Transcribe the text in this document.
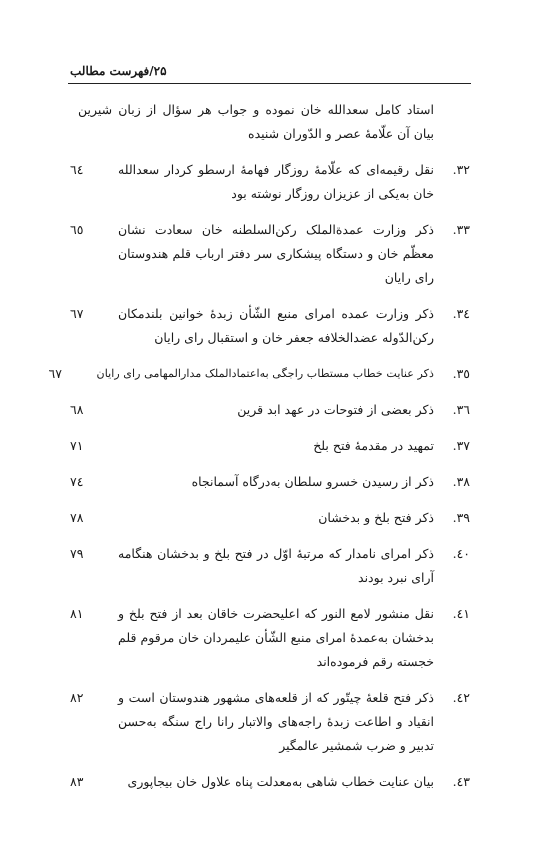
۲۵/فهرست مطالب
استاد کامل سعدالله خان نموده و جواب هر سؤال از زبان شیرین بیان آن علّامهٔ عصر و الدّوران شنیده
۳۲.
نقل رقیمه‌ای که علّامهٔ روزگار فهامهٔ ارسطو کردار سعدالله خان به‌یکی از عزیزان روزگار نوشته بود
٦٤
۳۳.
ذکر وزارت عمدةالملک رکن‌السلطنه خان سعادت نشان معظّم خان و دستگاه پیشکاری سر دفتر ارباب قلم هندوستان رای رایان
٦٥
۳٤.
ذکر وزارت عمده امرای منبع الشّأن زبدهٔ خوانین بلندمکان رکن‌الدّوله عضدالخلافه جعفر خان و استقبال رای رایان
٦٧
۳٥.
ذکر عنایت خطاب مستطاب راجگی به‌اعتمادالملک مدارالمهامی رای رایان
٦٧
۳٦.
ذکر بعضی از فتوحات در عهد ابد قرین
٦٨
۳۷.
تمهید در مقدمهٔ فتح بلخ
۷۱
۳۸.
ذکر از رسیدن خسرو سلطان به‌درگاه آسمانجاه
۷٤
۳۹.
ذکر فتح بلخ و بدخشان
۷۸
٤۰.
ذکر امرای نامدار که مرتبهٔ اوّل در فتح بلخ و بدخشان هنگامه آرای نبرد بودند
۷۹
٤۱.
نقل منشور لامع النور که اعلیحضرت خاقان بعد از فتح بلخ و بدخشان به‌عمدهٔ امرای منبع الشّأن علیمردان خان مرقوم قلم خجسته رقم فرموده‌اند
۸۱
٤۲.
ذکر فتح قلعهٔ چیتّور که از قلعه‌های مشهور هندوستان است و انقیاد و اطاعت زبدهٔ راجه‌های والاتبار رانا راج سنگه به‌حسن تدبیر و ضرب شمشیر عالمگیر
۸۲
٤۳.
بیان عنایت خطاب شاهی به‌معدلت پناه علاول خان بیجاپوری
۸۳
